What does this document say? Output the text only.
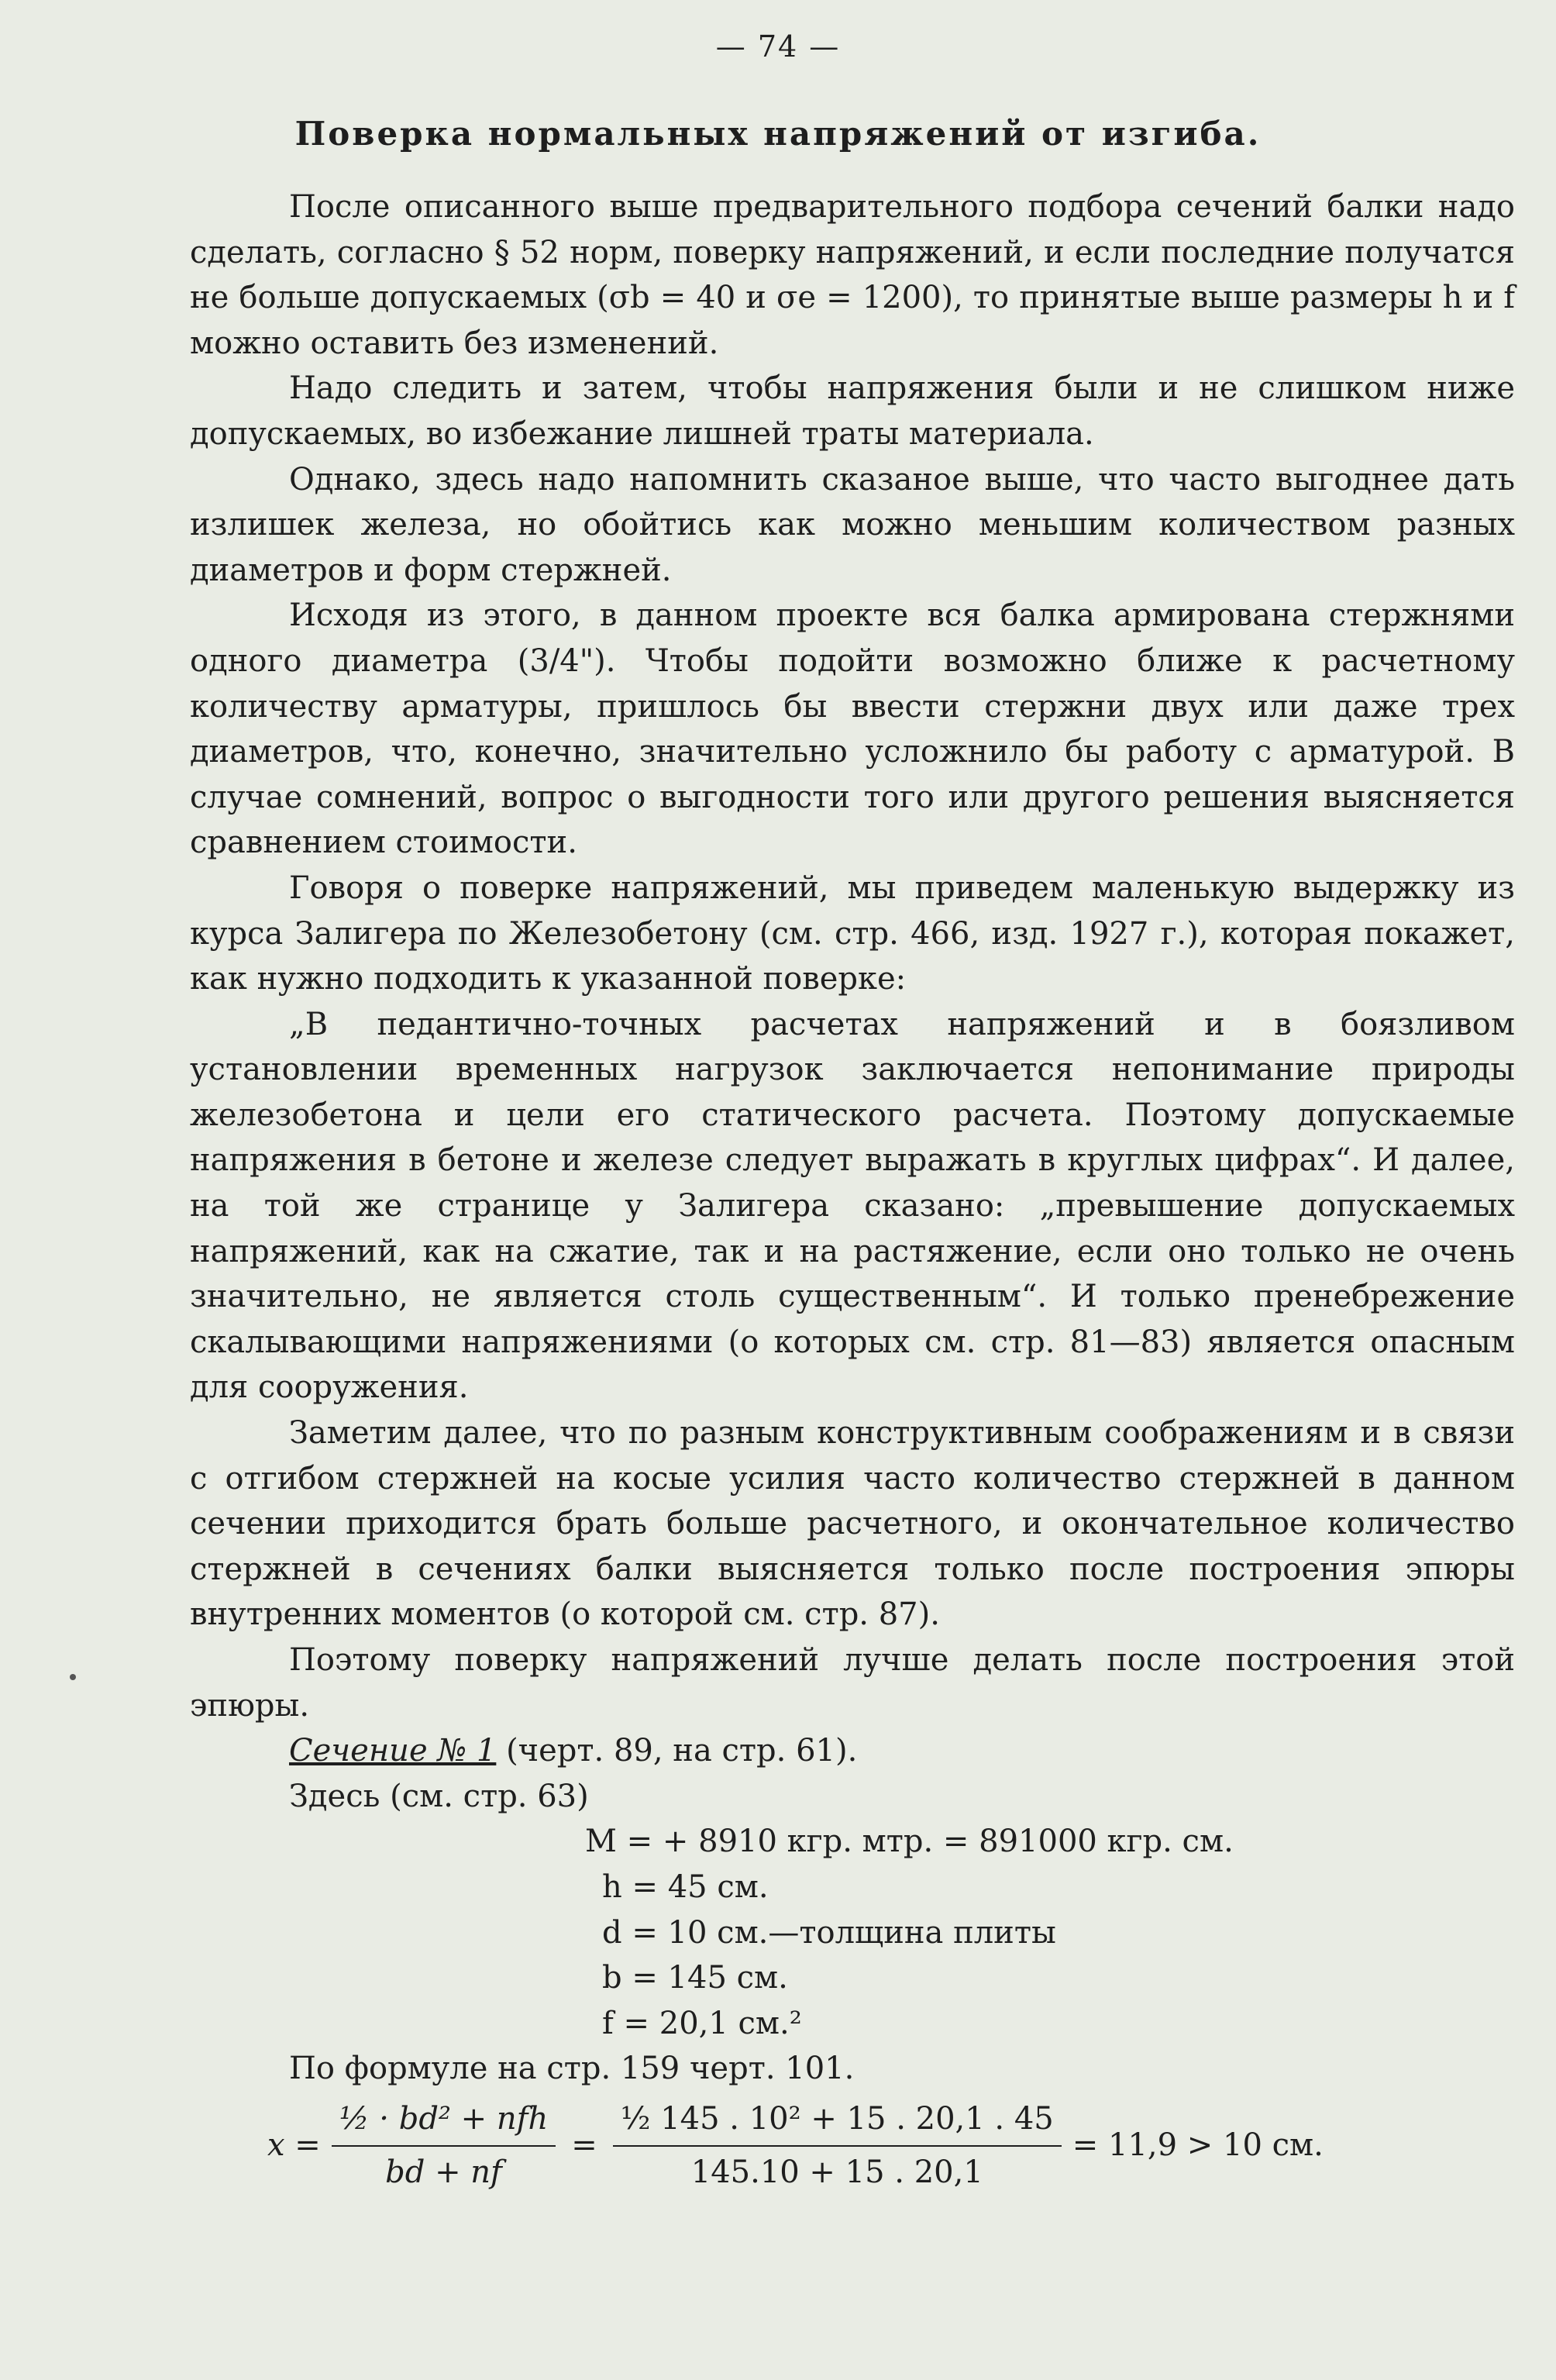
— 74 —
Поверка нормальных напряжений от изгиба.

После описанного выше предварительного подбора сечений балки надо сделать, согласно § 52 норм, поверку напряжений, и если последние получатся не больше допускаемых (σb = 40 и σe = 1200), то принятые выше размеры h и f можно оставить без изменений.

Надо следить и затем, чтобы напряжения были и не слишком ниже допускаемых, во избежание лишней траты материала.

Однако, здесь надо напомнить сказаное выше, что часто выгоднее дать излишек железа, но обойтись как можно меньшим количеством разных диаметров и форм стержней.

Исходя из этого, в данном проекте вся балка армирована стержнями одного диаметра (3/4"). Чтобы подойти возможно ближе к расчетному количеству арматуры, пришлось бы ввести стержни двух или даже трех диаметров, что, конечно, значительно усложнило бы работу с арматурой. В случае сомнений, вопрос о выгодности того или другого решения выясняется сравнением стоимости.

Говоря о поверке напряжений, мы приведем маленькую выдержку из курса Залигера по Железобетону (см. стр. 466, изд. 1927 г.), которая покажет, как нужно подходить к указанной поверке:

„В педантично-точных расчетах напряжений и в боязливом установлении временных нагрузок заключается непонимание природы железобетона и цели его статического расчета. Поэтому допускаемые напряжения в бетоне и железе следует выражать в круглых цифрах“. И далее, на той же странице у Залигера сказано: „превышение допускаемых напряжений, как на сжатие, так и на растяжение, если оно только не очень значительно, не является столь существенным“. И только пренебрежение скалывающими напряжениями (о которых см. стр. 81—83) является опасным для сооружения.

Заметим далее, что по разным конструктивным соображениям и в связи с отгибом стержней на косые усилия часто количество стержней в данном сечении приходится брать больше расчетного, и окончательное количество стержней в сечениях балки выясняется только после построения эпюры внутренних моментов (о которой см. стр. 87).

Поэтому поверку напряжений лучше делать после построения этой эпюры.

Сечение № 1 (черт. 89, на стр. 61).
Здесь (см. стр. 63)
M = + 8910 кгр. мтр. = 891000 кгр. см.
h = 45 см.
d = 10 см.—толщина плиты
b = 145 см.
f = 20,1 см.²
По формуле на стр. 159 черт. 101.
$x = \frac{\text{½ · bd² + nfh}}{bd + nf} = \frac{\text{½ 145 . 10² + 15 . 20,1 . 45}}{145.10 + 15 . 20,1} = 11,9 > 10$ см.
